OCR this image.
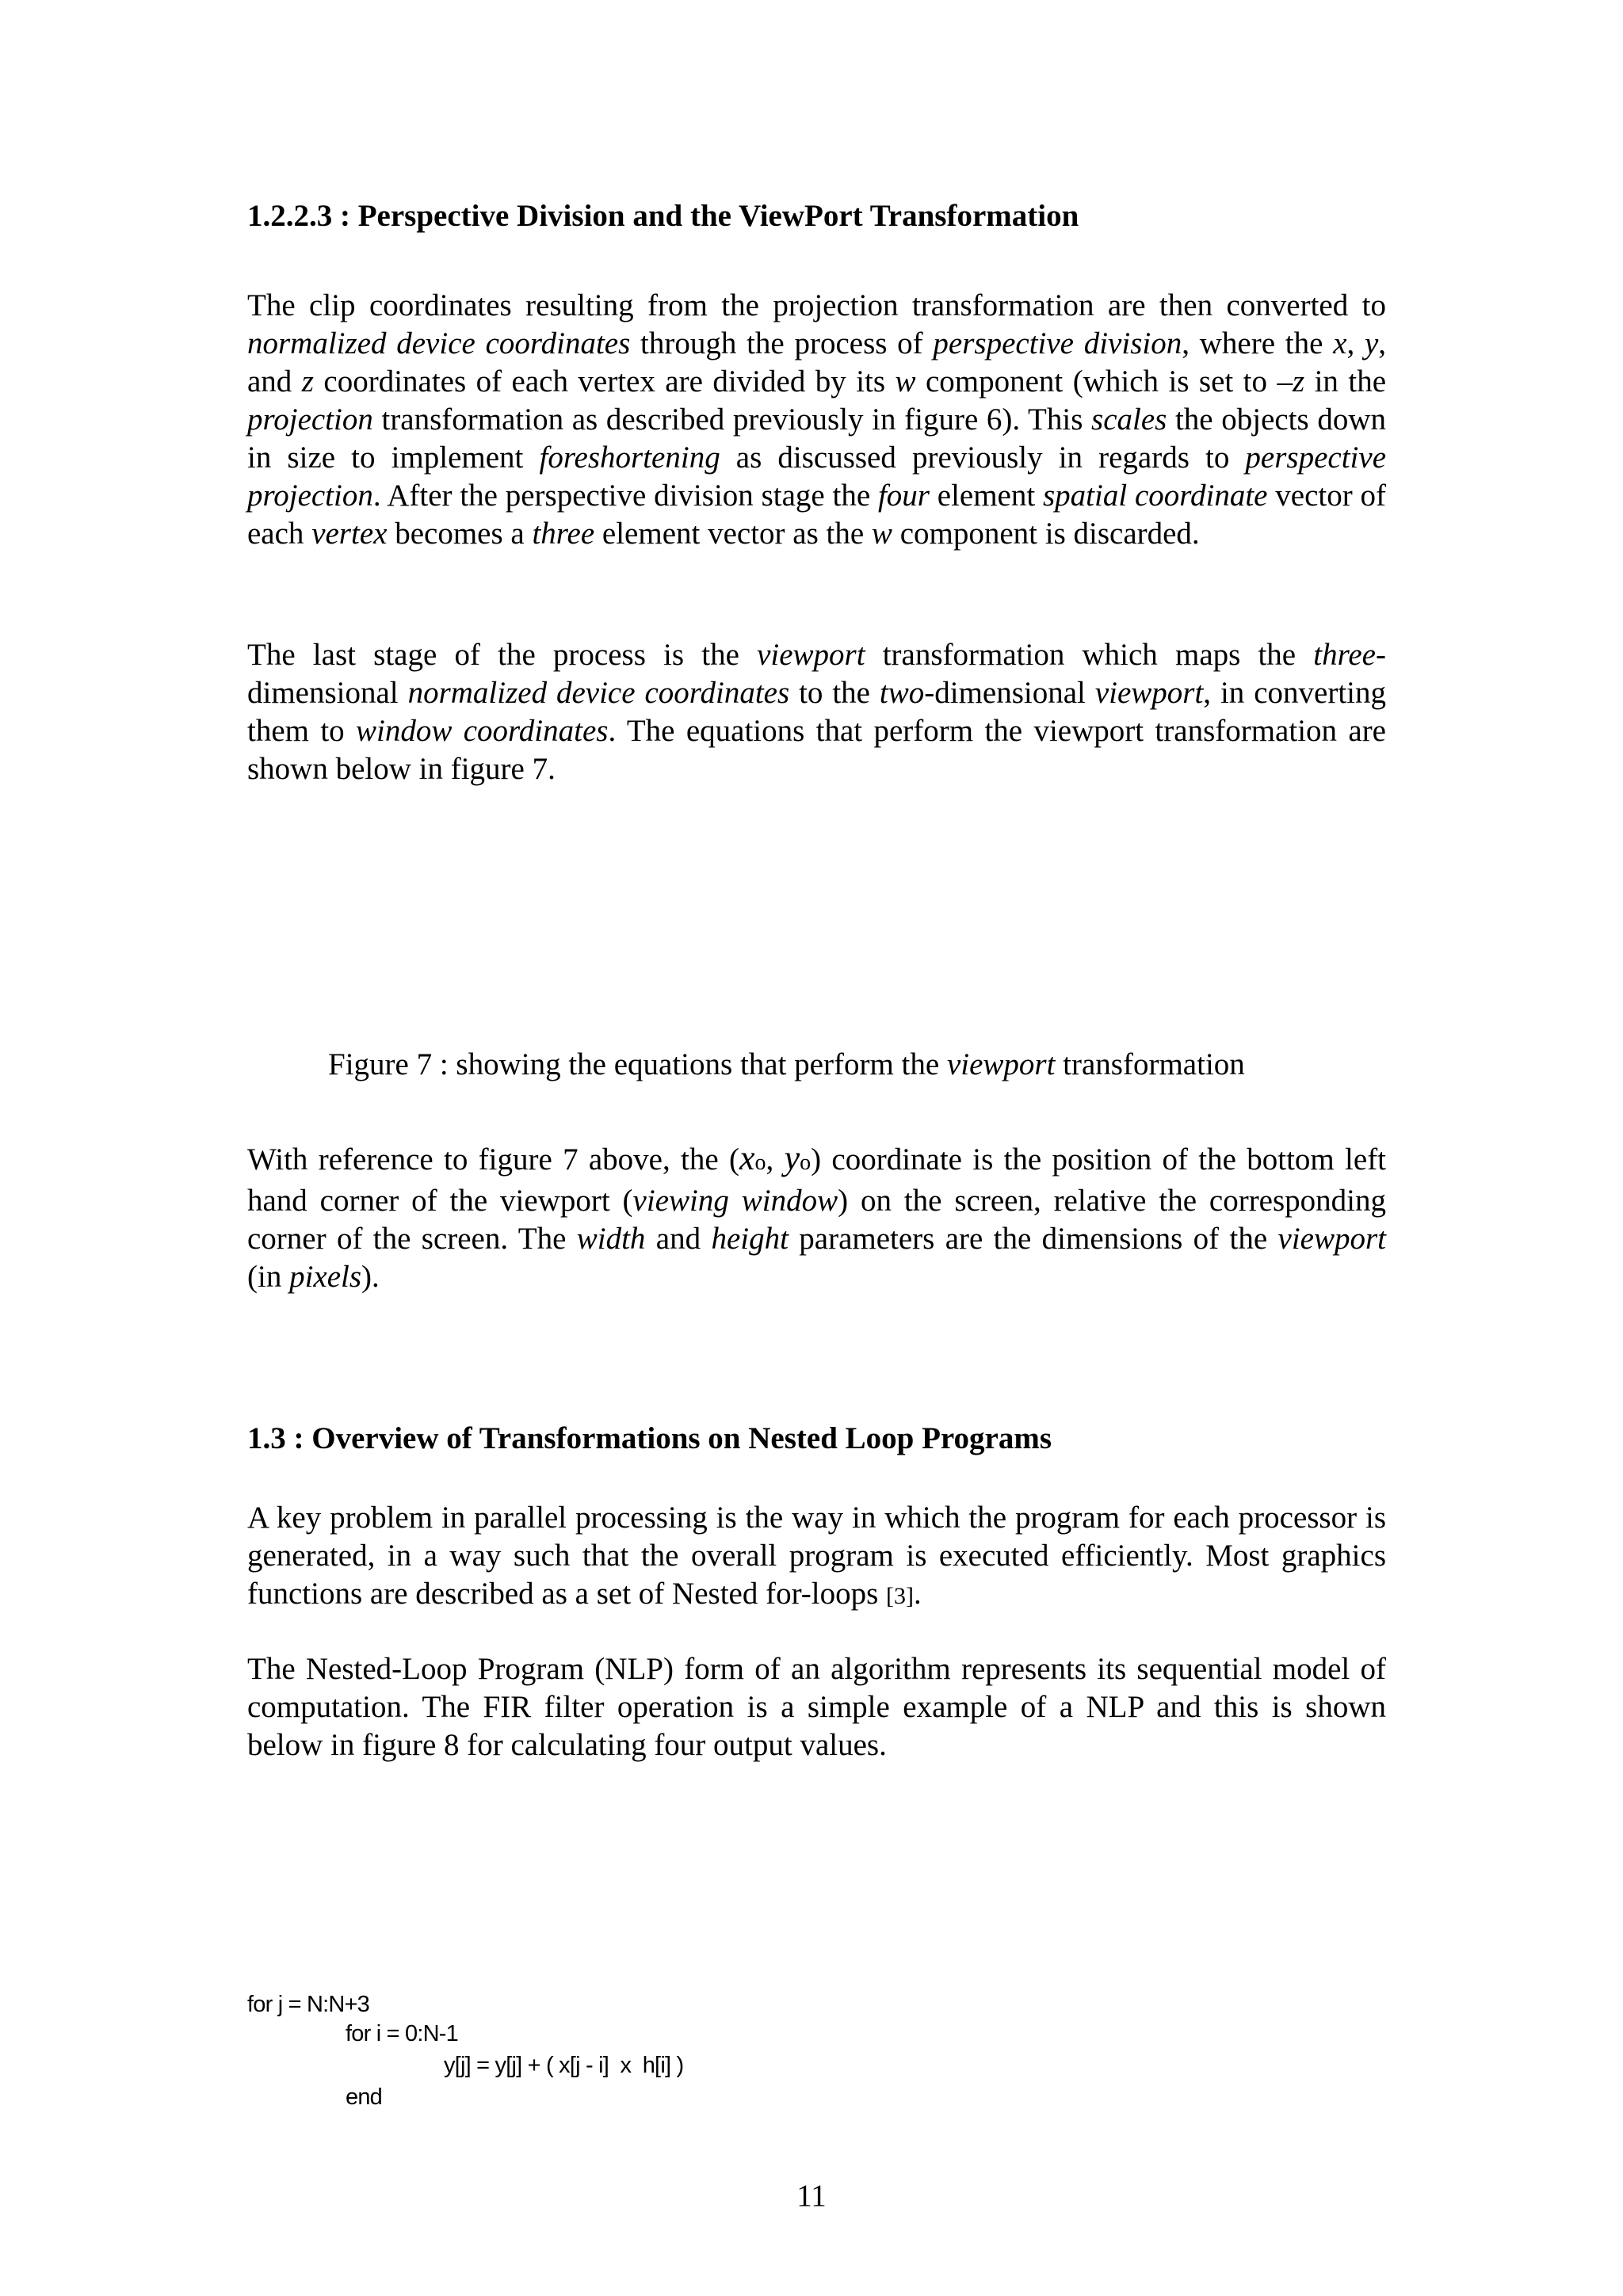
1.2.2.3 : Perspective Division and the ViewPort Transformation

The clip coordinates resulting from the projection transformation are then converted to normalized device coordinates through the process of perspective division, where the x, y, and z coordinates of each vertex are divided by its w component (which is set to –z in the projection transformation as described previously in figure 6). This scales the objects down in size to implement foreshortening as discussed previously in regards to perspective projection. After the perspective division stage the four element spatial coordinate vector of each vertex becomes a three element vector as the w component is discarded.

The last stage of the process is the viewport transformation which maps the three-dimensional normalized device coordinates to the two-dimensional viewport, in converting them to window coordinates. The equations that perform the viewport transformation are shown below in figure 7.

Figure 7 : showing the equations that perform the viewport transformation

With reference to figure 7 above, the (xo, yo) coordinate is the position of the bottom left hand corner of the viewport (viewing window) on the screen, relative the corresponding corner of the screen. The width and height parameters are the dimensions of the viewport (in pixels).

1.3 : Overview of Transformations on Nested Loop Programs

A key problem in parallel processing is the way in which the program for each processor is generated, in a way such that the overall program is executed efficiently. Most graphics functions are described as a set of Nested for-loops [3].

The Nested-Loop Program (NLP) form of an algorithm represents its sequential model of computation. The FIR filter operation is a simple example of a NLP and this is shown below in figure 8 for calculating four output values.

for j = N:N+3
for i = 0:N-1
y[j] = y[j] + ( x[j - i]  x  h[i] )
end
11
